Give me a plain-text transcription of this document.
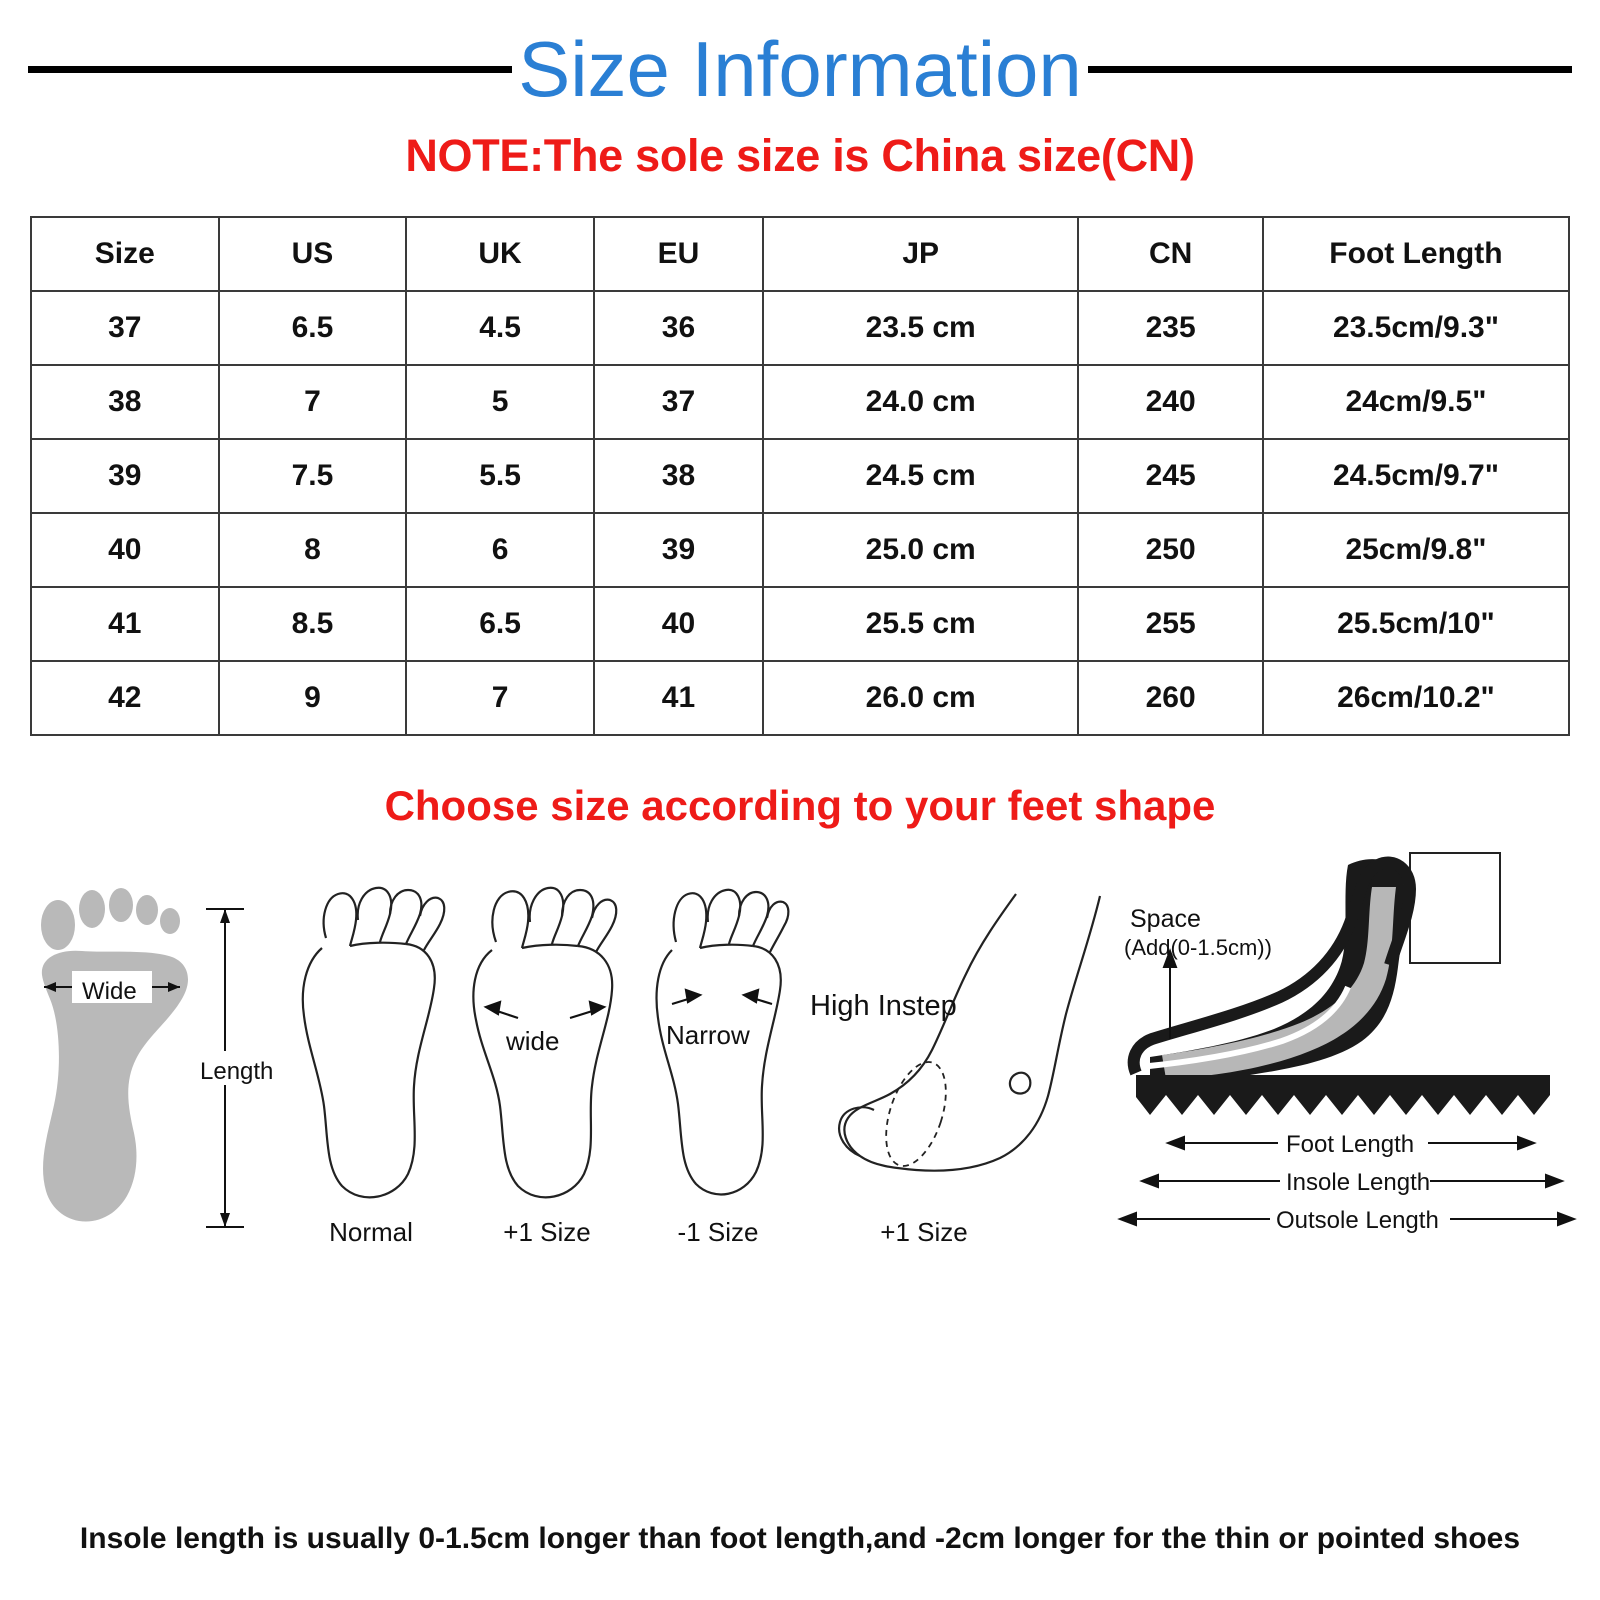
Size Information
NOTE:The sole size is China size(CN)
Size	US	UK	EU	JP	CN	Foot Length
37	6.5	4.5	36	23.5 cm	235	23.5cm/9.3"
38	7	5	37	24.0 cm	240	24cm/9.5"
39	7.5	5.5	38	24.5 cm	245	24.5cm/9.7"
40	8	6	39	25.0 cm	250	25cm/9.8"
41	8.5	6.5	40	25.5 cm	255	25.5cm/10"
42	9	7	41	26.0 cm	260	26cm/10.2"
Choose size according to your feet shape
Wide
Length
Normal
wide
+1 Size
Narrow
-1 Size
High Instep
+1 Size
Space
(Add(0-1.5cm))
Foot Length
Insole Length
Outsole Length
Insole length is usually 0-1.5cm longer than foot length,and -2cm longer for the thin or pointed shoes
